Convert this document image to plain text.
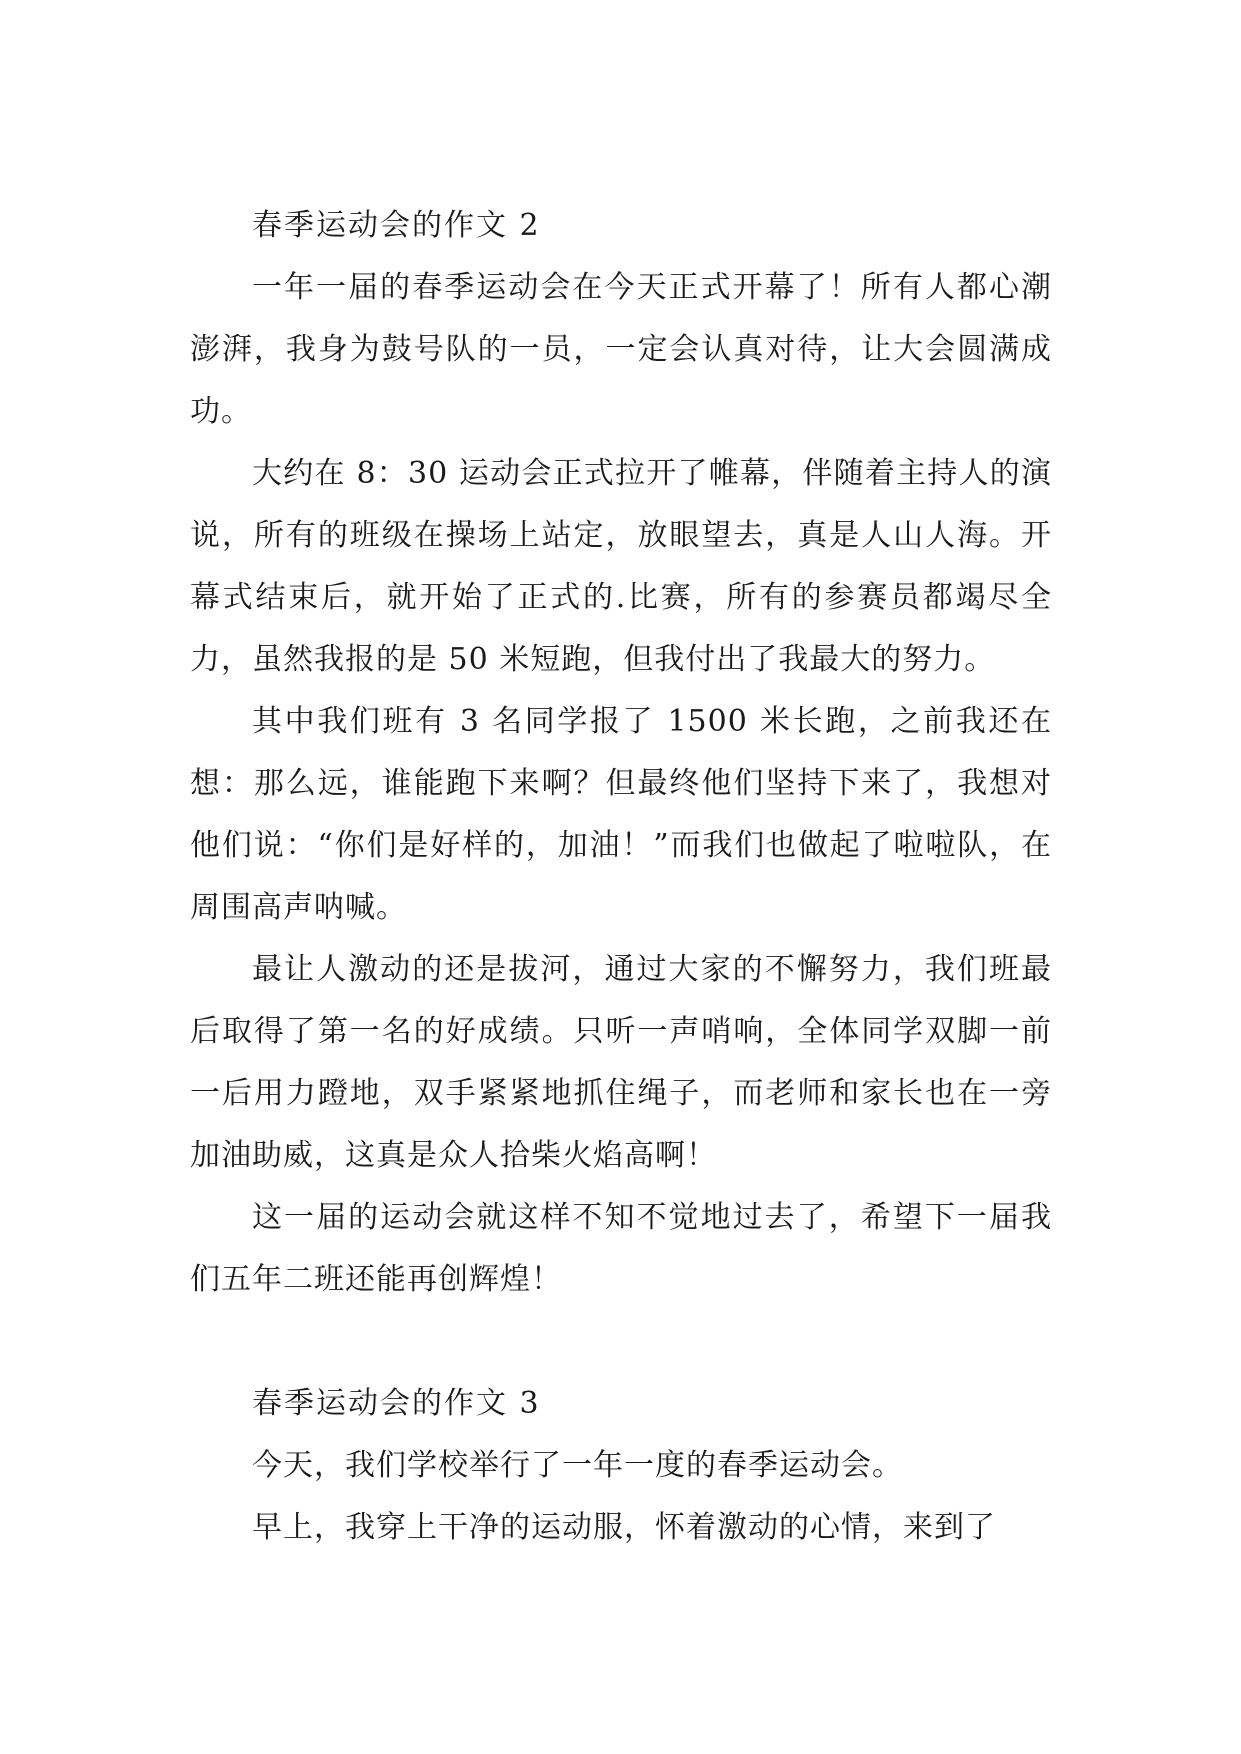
春季运动会的作文 2

一年一届的春季运动会在今天正式开幕了！所有人都心潮澎湃，我身为鼓号队的一员，一定会认真对待，让大会圆满成功。

大约在 8：30 运动会正式拉开了帷幕，伴随着主持人的演说，所有的班级在操场上站定，放眼望去，真是人山人海。开幕式结束后，就开始了正式的.比赛，所有的参赛员都竭尽全力，虽然我报的是 50 米短跑，但我付出了我最大的努力。

其中我们班有 3 名同学报了 1500 米长跑，之前我还在想：那么远，谁能跑下来啊？但最终他们坚持下来了，我想对他们说：“你们是好样的，加油！”而我们也做起了啦啦队，在周围高声呐喊。

最让人激动的还是拔河，通过大家的不懈努力，我们班最后取得了第一名的好成绩。只听一声哨响，全体同学双脚一前一后用力蹬地，双手紧紧地抓住绳子，而老师和家长也在一旁加油助威，这真是众人拾柴火焰高啊！

这一届的运动会就这样不知不觉地过去了，希望下一届我们五年二班还能再创辉煌！

春季运动会的作文 3

今天，我们学校举行了一年一度的春季运动会。

早上，我穿上干净的运动服，怀着激动的心情，来到了
